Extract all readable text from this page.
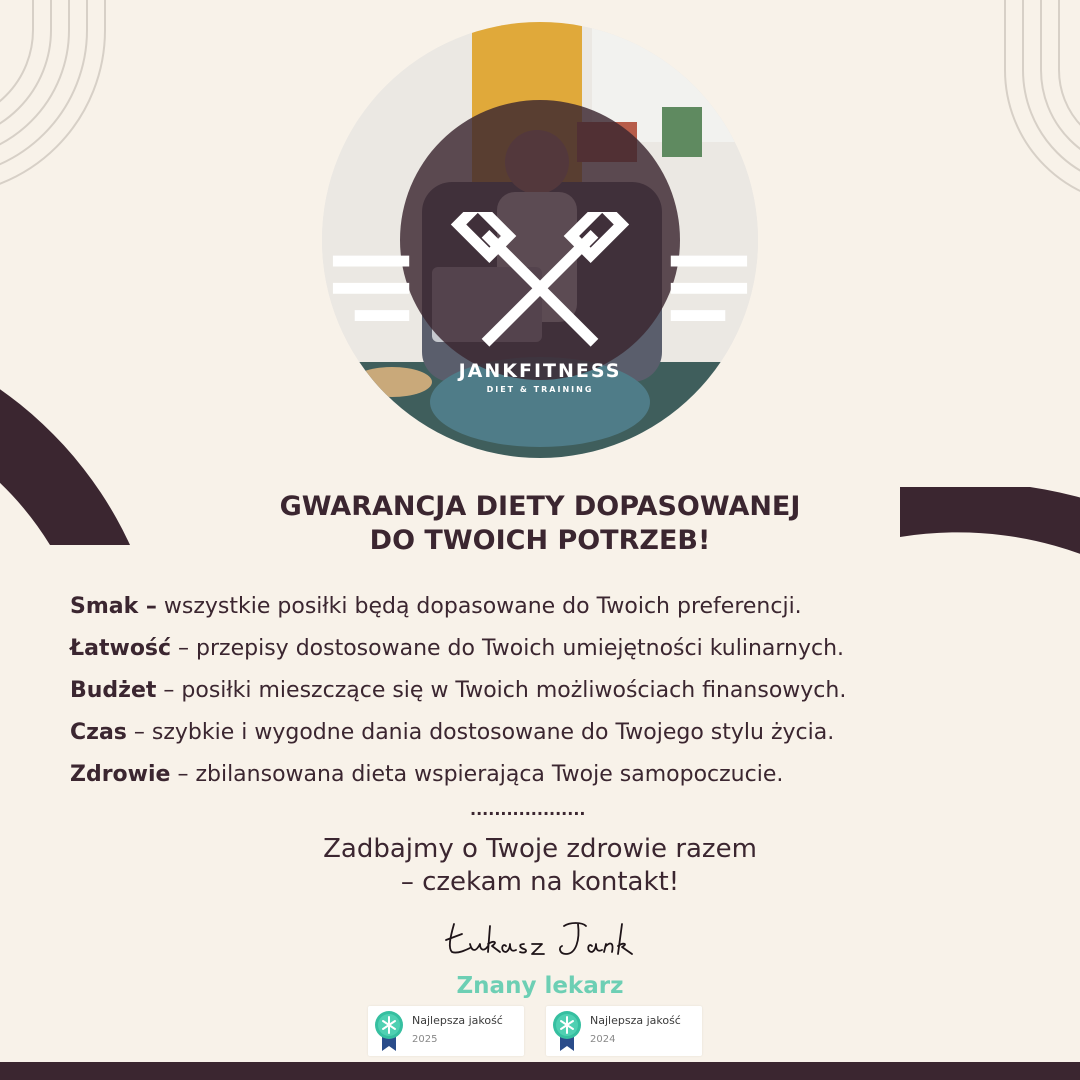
JANKFITNESS
DIET & TRAINING
GWARANCJA DIETY DOPASOWANEJ
DO TWOICH POTRZEB!
Smak – wszystkie posiłki będą dopasowane do Twoich preferencji.
Łatwość – przepisy dostosowane do Twoich umiejętności kulinarnych.
Budżet – posiłki mieszczące się w Twoich możliwościach finansowych.
Czas – szybkie i wygodne dania dostosowane do Twojego stylu życia.
Zdrowie – zbilansowana dieta wspierająca Twoje samopoczucie.
...................
Zadbajmy o Twoje zdrowie razem
– czekam na kontakt!
Znany lekarz
Najlepsza jakość
2025
Najlepsza jakość
2024
